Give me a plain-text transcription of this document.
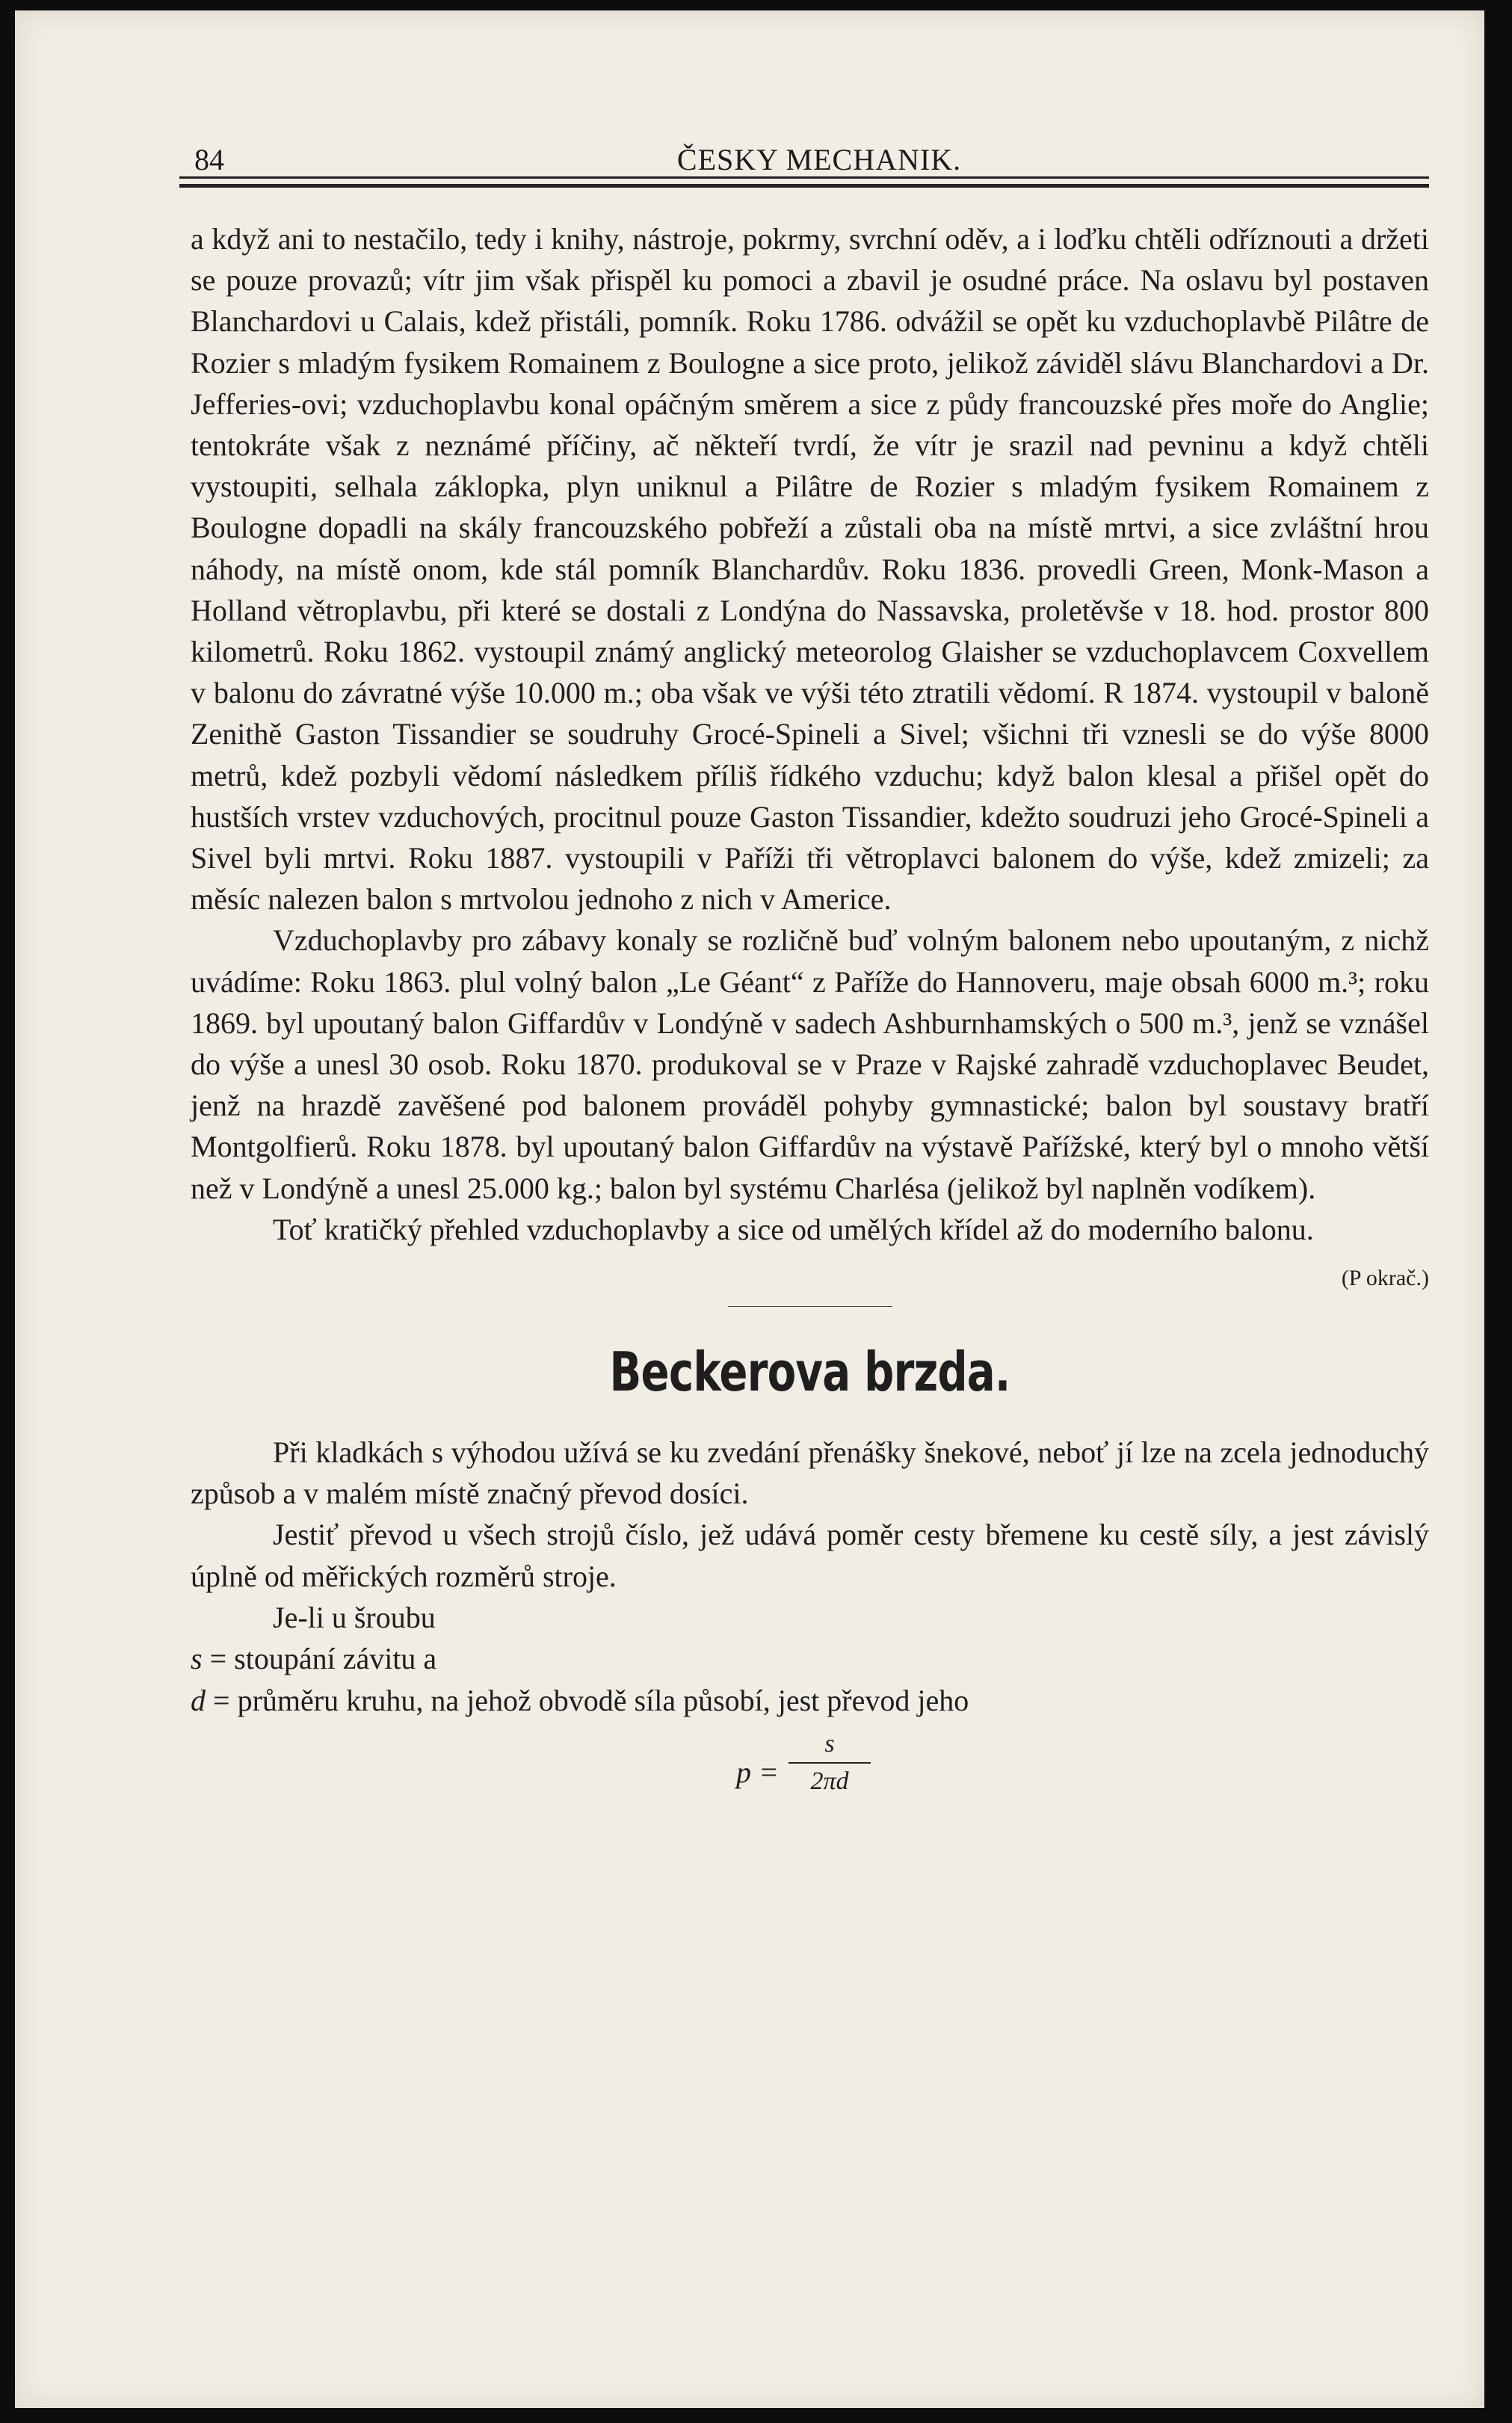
84	ČESKY MECHANIK.

a když ani to nestačilo, tedy i knihy, nástroje, pokrmy, svrchní oděv, a i loďku chtěli odříznouti a držeti se pouze provazů; vítr jim však přispěl ku pomoci a zbavil je osudné práce. Na oslavu byl postaven Blanchardovi u Calais, kdež přistáli, pomník. Roku 1786. odvážil se opět ku vzduchoplavbě Pilâtre de Rozier s mladým fysikem Romainem z Boulogne a sice proto, jelikož záviděl slávu Blanchardovi a Dr. Jefferies-ovi; vzduchoplavbu konal opáčným směrem a sice z půdy francouzské přes moře do Anglie; tentokráte však z neznámé příčiny, ač někteří tvrdí, že vítr je srazil nad pevninu a když chtěli vystoupiti, selhala záklopka, plyn uniknul a Pilâtre de Rozier s mladým fysikem Romainem z Boulogne dopadli na skály francouzského pobřeží a zůstali oba na místě mrtvi, a sice zvláštní hrou náhody, na místě onom, kde stál pomník Blanchardův. Roku 1836. provedli Green, Monk-Mason a Holland větroplavbu, při které se dostali z Londýna do Nassavska, proletěvše v 18. hod. prostor 800 kilometrů. Roku 1862. vystoupil známý anglický meteorolog Glaisher se vzduchoplavcem Coxvellem v balonu do závratné výše 10.000 m.; oba však ve výši této ztratili vědomí. R 1874. vystoupil v baloně Zenithě Gaston Tissandier se soudruhy Grocé-Spineli a Sivel; všichni tři vznesli se do výše 8000 metrů, kdež pozbyli vědomí následkem příliš řídkého vzduchu; když balon klesal a přišel opět do hustších vrstev vzduchových, procitnul pouze Gaston Tissandier, kdežto soudruzi jeho Grocé-Spineli a Sivel byli mrtvi. Roku 1887. vystoupili v Paříži tři větroplavci balonem do výše, kdež zmizeli; za měsíc nalezen balon s mrtvolou jednoho z nich v Americe.

Vzduchoplavby pro zábavy konaly se rozličně buď volným balonem nebo upoutaným, z nichž uvádíme: Roku 1863. plul volný balon „Le Géant“ z Paříže do Hannoveru, maje obsah 6000 m.³; roku 1869. byl upoutaný balon Giffardův v Londýně v sadech Ashburnhamských o 500 m.³, jenž se vznášel do výše a unesl 30 osob. Roku 1870. produkoval se v Praze v Rajské zahradě vzduchoplavec Beudet, jenž na hrazdě zavěšené pod balonem prováděl pohyby gymnastické; balon byl soustavy bratří Montgolfierů. Roku 1878. byl upoutaný balon Giffardův na výstavě Pařížské, který byl o mnoho větší než v Londýně a unesl 25.000 kg.; balon byl systému Charlésa (jelikož byl naplněn vodíkem).

Toť kratičký přehled vzduchoplavby a sice od umělých křídel až do moderního balonu.
(P okrač.)

Beckerova brzda.

Při kladkách s výhodou užívá se ku zvedání přenášky šnekové, neboť jí lze na zcela jednoduchý způsob a v malém místě značný převod dosíci.

Jestiť převod u všech strojů číslo, jež udává poměr cesty břemene ku cestě síly, a jest závislý úplně od měřických rozměrů stroje.

Je-li u šroubu

s = stoupání závitu a
d = průměru kruhu, na jehož obvodě síla působí, jest převod jeho
p =
s
2πd
